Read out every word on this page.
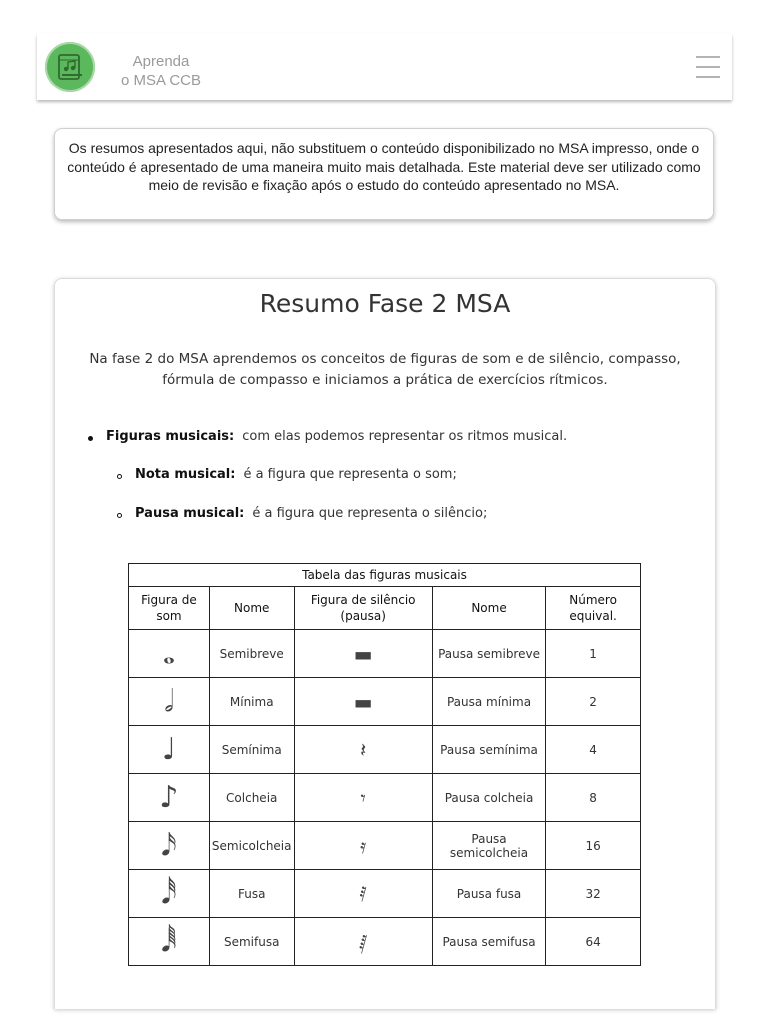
Aprenda
o MSA CCB
Os resumos apresentados aqui, não substituem o conteúdo disponibilizado no MSA impresso, onde o conteúdo é apresentado de uma maneira muito mais detalhada. Este material deve ser utilizado como meio de revisão e fixação após o estudo do conteúdo apresentado no MSA.
Resumo Fase 2 MSA
Na fase 2 do MSA aprendemos os conceitos de figuras de som e de silêncio, compasso, fórmula de compasso e iniciamos a prática de exercícios rítmicos.
Figuras musicais: com elas podemos representar os ritmos musical.
Nota musical: é a figura que representa o som;
Pausa musical: é a figura que representa o silêncio;
Tabela das figuras musicais				
Figura de som	Nome	Figura de silêncio (pausa)	Nome	Número equival.
𝅝	Semibreve	▬	Pausa semibreve	1
𝅗𝅥	Mínima	▬	Pausa mínima	2
♩	Semínima	𝄽	Pausa semínima	4
♪	Colcheia	𝄾	Pausa colcheia	8
𝅘𝅥𝅯	Semicolcheia	𝄿	Pausa semicolcheia	16
𝅘𝅥𝅰	Fusa	𝅀	Pausa fusa	32
𝅘𝅥𝅱	Semifusa	𝅁	Pausa semifusa	64
